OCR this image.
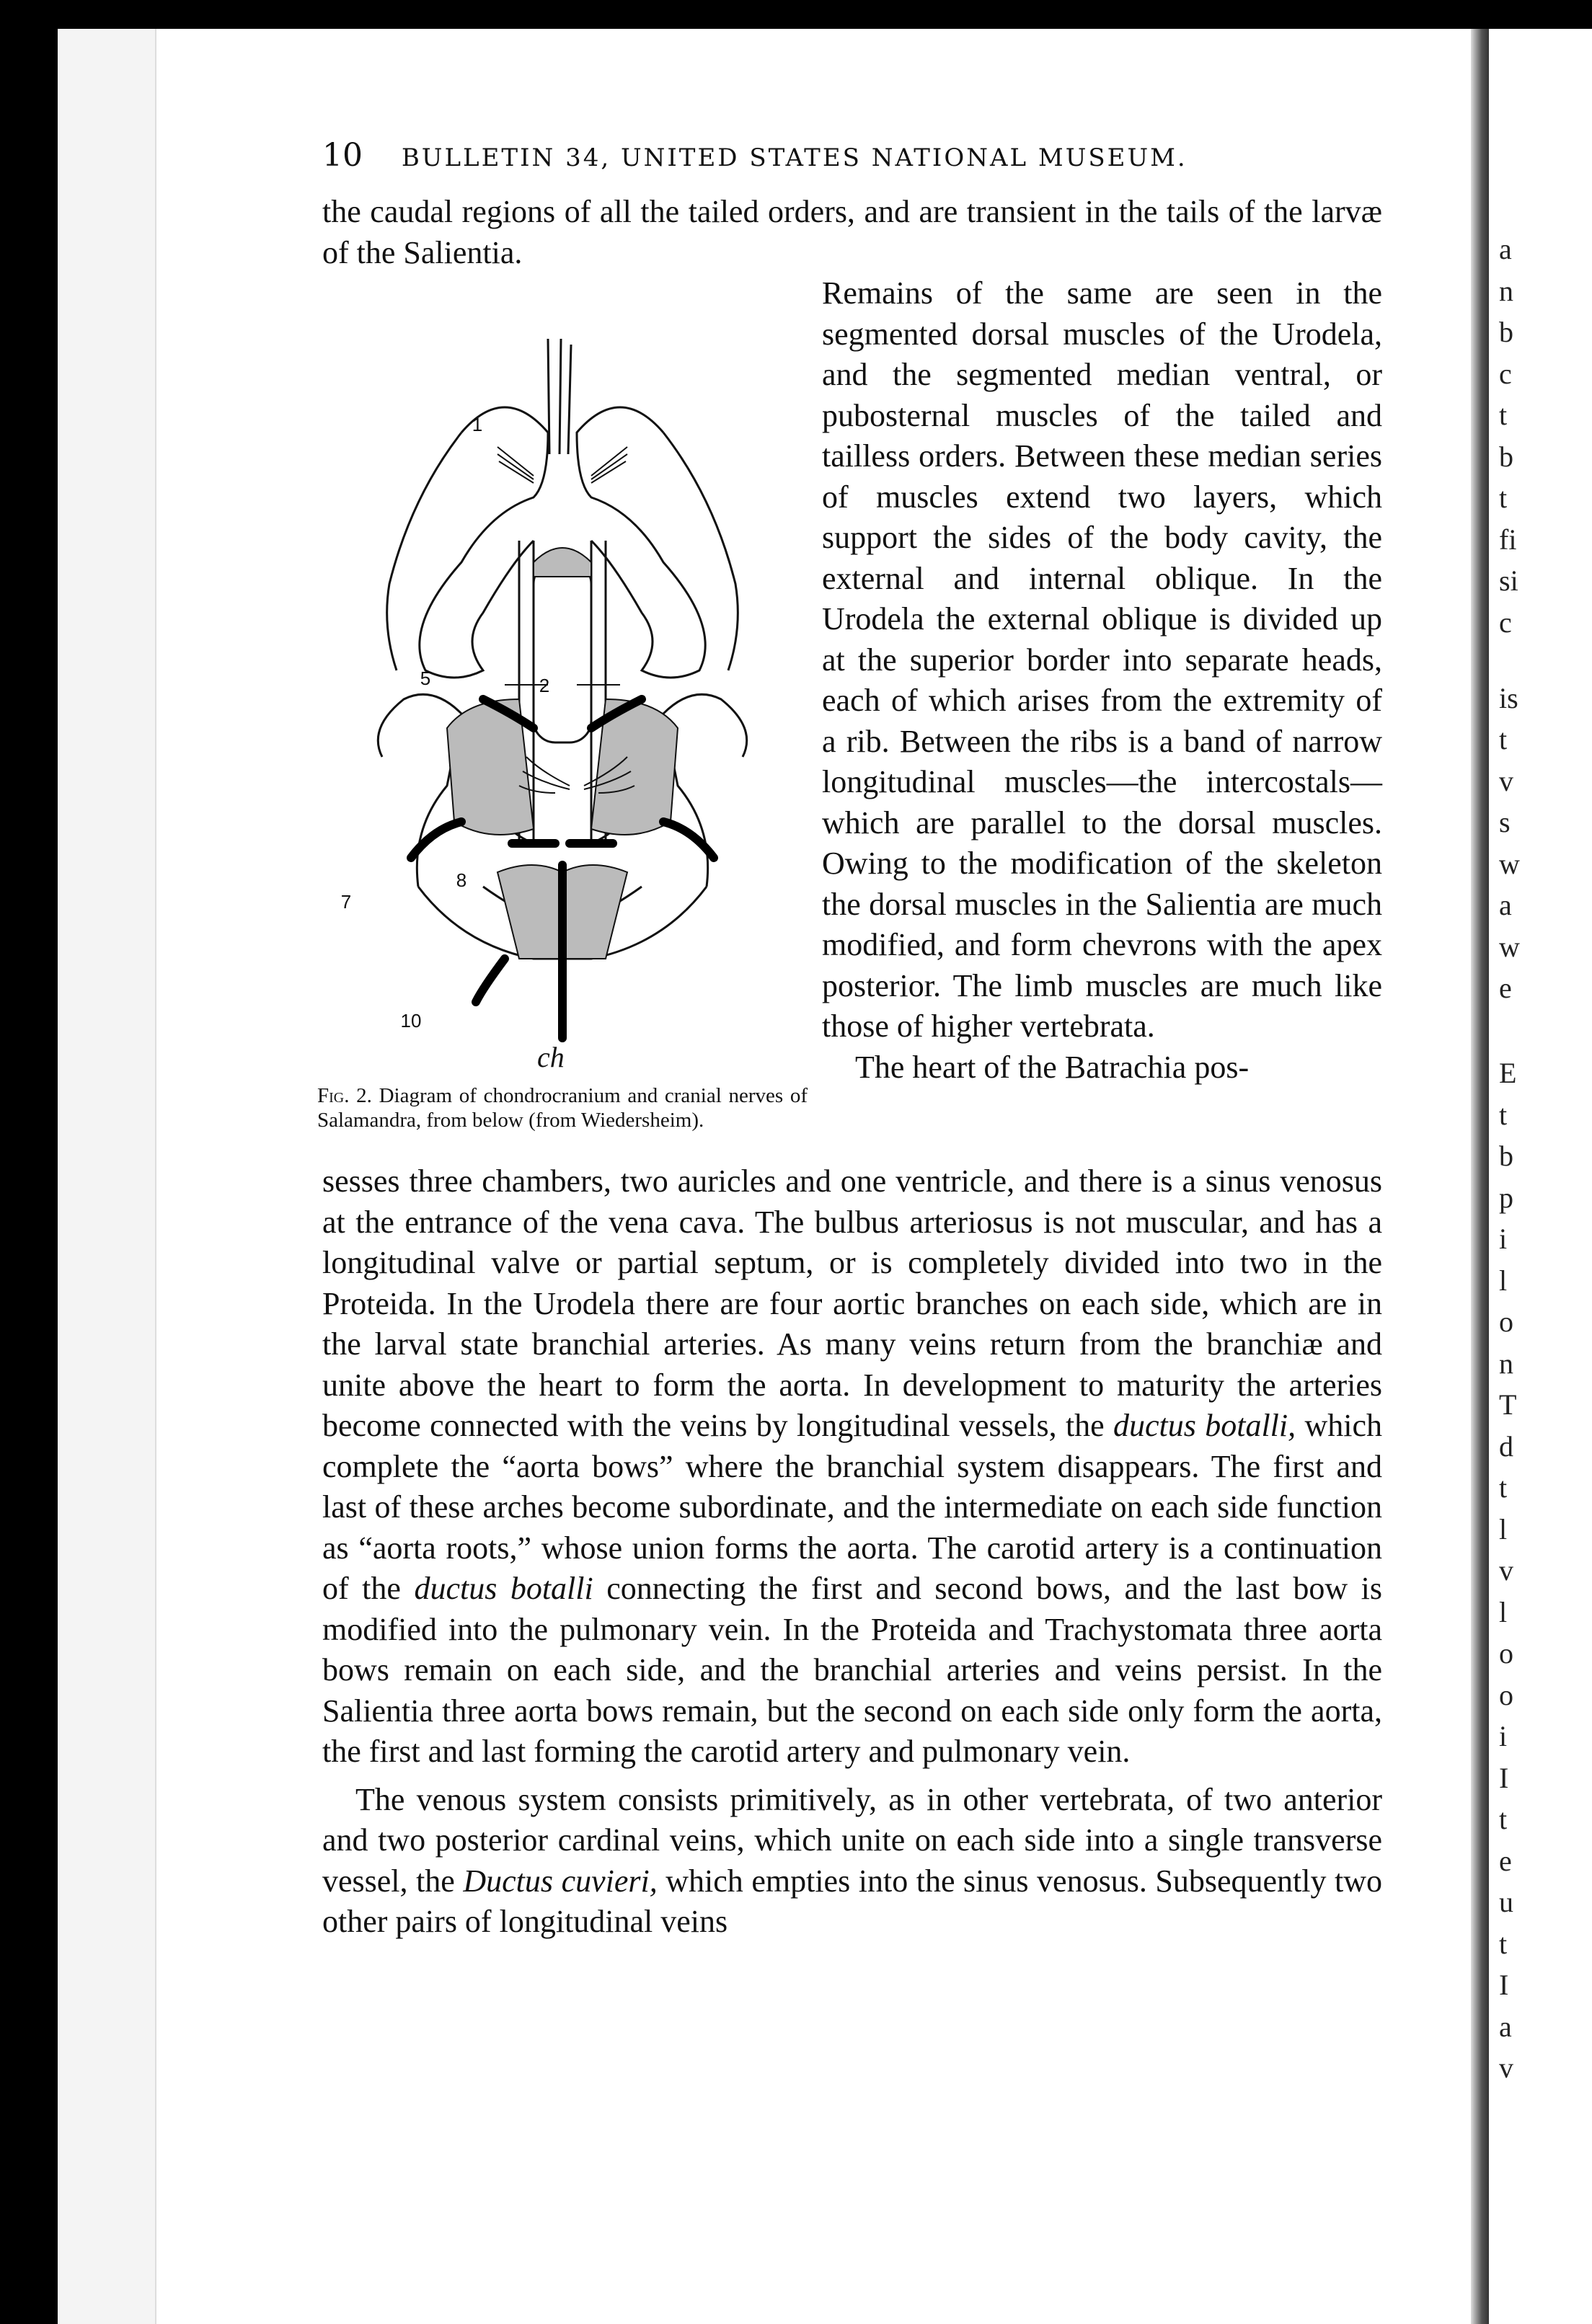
a
n
b
c
t
b
t
fi
si
c
is
t
v
s
w
a
w
e
E
t
b
p
i
l
o
n
T
d
t
l
v
l
o
o
i
I
t
e
u
t
I
a
v
10 BULLETIN 34, UNITED STATES NATIONAL MUSEUM.

the caudal regions of all the tailed orders, and are transient in the tails of the larvæ of the Salientia.

Remains of the same are seen in the segmented dorsal muscles of the Urodela, and the segmented median ventral, or pubosternal muscles of the tailed and tailless orders. Between these median series of muscles extend two layers, which support the sides of the body cavity, the external and internal oblique. In the Urodela the external oblique is divided up at the superior border into separate heads, each of which arises from the extremity of a rib. Between the ribs is a band of narrow longitudinal muscles—the intercostals—which are parallel to the dorsal muscles. Owing to the modification of the skeleton the dorsal muscles in the Salientia are much modified, and form chevrons with the apex posterior. The limb muscles are much like those of higher vertebrata.

The heart of the Batrachia pos-

1
2
5
7
8
10
ch
Fig. 2. Diagram of chondrocranium and cranial nerves of Salamandra, from below (from Wiedersheim).

sesses three chambers, two auricles and one ventricle, and there is a sinus venosus at the entrance of the vena cava. The bulbus arteriosus is not muscular, and has a longitudinal valve or partial septum, or is completely divided into two in the Proteida. In the Urodela there are four aortic branches on each side, which are in the larval state branchial arteries. As many veins return from the branchiæ and unite above the heart to form the aorta. In development to maturity the arteries become connected with the veins by longitudinal vessels, the ductus botalli, which complete the “aorta bows” where the branchial system disappears. The first and last of these arches become subordinate, and the intermediate on each side function as “aorta roots,” whose union forms the aorta. The carotid artery is a continuation of the ductus botalli connecting the first and second bows, and the last bow is modified into the pulmonary vein. In the Proteida and Trachystomata three aorta bows remain on each side, and the branchial arteries and veins persist. In the Salientia three aorta bows remain, but the second on each side only form the aorta, the first and last forming the carotid artery and pulmonary vein.

The venous system consists primitively, as in other vertebrata, of two anterior and two posterior cardinal veins, which unite on each side into a single transverse vessel, the Ductus cuvieri, which empties into the sinus venosus. Subsequently two other pairs of longitudinal veins
